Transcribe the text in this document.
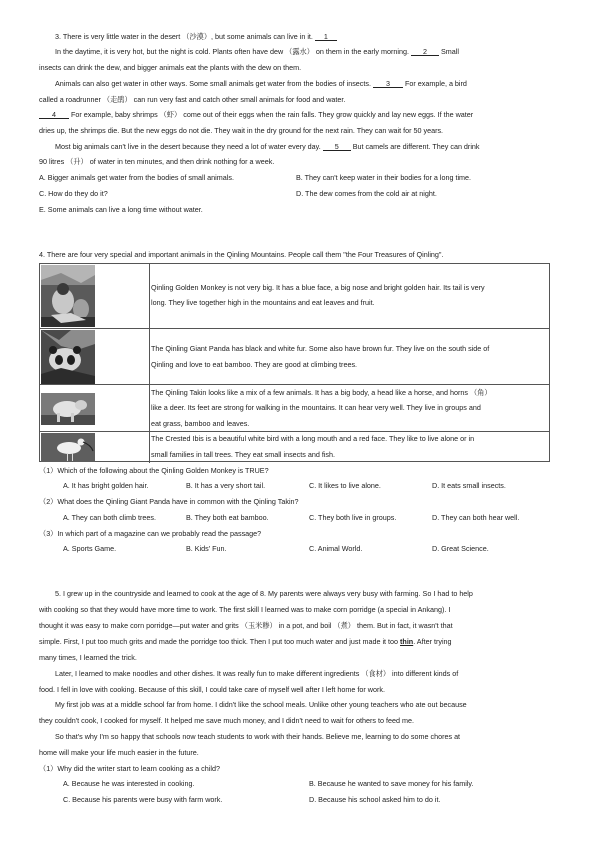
3. There is very little water in the desert （沙漠）, but some animals can live in it. 1
In the daytime, it is very hot, but the night is cold. Plants often have dew （露水） on them in the early morning. 2 Small
insects can drink the dew, and bigger animals eat the plants with the dew on them.
Animals can also get water in other ways. Some small animals get water from the bodies of insects. 3 For example, a bird
called a roadrunner （走鹃） can run very fast and catch other small animals for food and water.
4 For example, baby shrimps （虾） come out of their eggs when the rain falls. They grow quickly and lay new eggs. If the water
dries up, the shrimps die. But the new eggs do not die. They wait in the dry ground for the next rain. They can wait for 50 years.
Most big animals can't live in the desert because they need a lot of water every day. 5 But camels are different. They can drink
90 litres （升） of water in ten minutes, and then drink nothing for a week.
A. Bigger animals get water from the bodies of small animals.	B. They can't keep water in their bodies for a long time.
C. How do they do it?	D. The dew comes from the cold air at night.
E. Some animals can live a long time without water.
4. There are four very special and important animals in the Qinling Mountains. People call them "the Four Treasures of Qinling".
Qinling Golden Monkey is not very big. It has a blue face, a big nose and bright golden hair. Its tail is very
long. They live together high in the mountains and eat leaves and fruit.
The Qinling Giant Panda has black and white fur. Some also have brown fur. They live on the south side of
Qinling and love to eat bamboo. They are good at climbing trees.
The Qinling Takin looks like a mix of a few animals. It has a big body, a head like a horse, and horns （角）
like a deer. Its feet are strong for walking in the mountains. It can hear very well. They live in groups and
eat grass, bamboo and leaves.
The Crested Ibis is a beautiful white bird with a long mouth and a red face. They like to live alone or in
small families in tall trees. They eat small insects and fish.
（1）Which of the following about the Qinling Golden Monkey is TRUE?
A. It has bright golden hair.	B. It has a very short tail.	C. It likes to live alone.	D. It eats small insects.
（2）What does the Qinling Giant Panda have in common with the Qinling Takin?
A. They can both climb trees.	B. They both eat bamboo.	C. They both live in groups.	D. They can both hear well.
（3）In which part of a magazine can we probably read the passage?
A. Sports Game.	B. Kids' Fun.	C. Animal World.	D. Great Science.
5. I grew up in the countryside and learned to cook at the age of 8. My parents were always very busy with farming. So I had to help
with cooking so that they would have more time to work. The first skill I learned was to make corn porridge (a special in Ankang). I
thought it was easy to make corn porridge—put water and grits （玉米糁） in a pot, and boil （煮） them. But in fact, it wasn't that
simple. First, I put too much grits and made the porridge too thick. Then I put too much water and just made it too thin. After trying
many times, I learned the trick.
Later, I learned to make noodles and other dishes. It was really fun to make different ingredients （食材） into different kinds of
food. I fell in love with cooking. Because of this skill, I could take care of myself well after I left home for work.
My first job was at a middle school far from home. I didn't like the school meals. Unlike other young teachers who ate out because
they couldn't cook, I cooked for myself. It helped me save much money, and I didn't need to wait for others to feed me.
So that's why I'm so happy that schools now teach students to work with their hands. Believe me, learning to do some chores at
home will make your life much easier in the future.
（1）Why did the writer start to learn cooking as a child?
A. Because he was interested in cooking.	B. Because he wanted to save money for his family.
C. Because his parents were busy with farm work.	D. Because his school asked him to do it.
